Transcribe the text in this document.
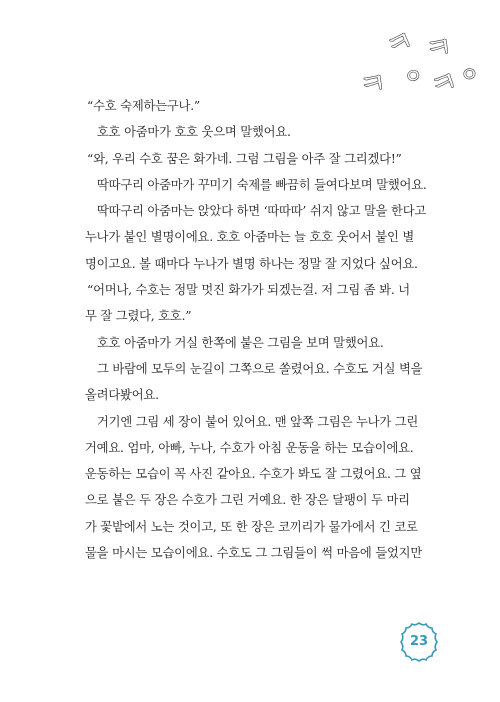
ㅋ
ㅋ
ㅇ
ㅋ
ㅋ
ㅇ
“수호 숙제하는구나.”
호호 아줌마가 호호 웃으며 말했어요.
“와, 우리 수호 꿈은 화가네. 그럼 그림을 아주 잘 그리겠다!”
딱따구리 아줌마가 꾸미기 숙제를 빠끔히 들여다보며 말했어요.
딱따구리 아줌마는 앉았다 하면 ‘따따따’ 쉬지 않고 말을 한다고
누나가 붙인 별명이에요. 호호 아줌마는 늘 호호 웃어서 붙인 별
명이고요. 볼 때마다 누나가 별명 하나는 정말 잘 지었다 싶어요.
“어머나, 수호는 정말 멋진 화가가 되겠는걸. 저 그림 좀 봐. 너
무 잘 그렸다, 호호.”
호호 아줌마가 거실 한쪽에 붙은 그림을 보며 말했어요.
그 바람에 모두의 눈길이 그쪽으로 쏠렸어요. 수호도 거실 벽을
올려다봤어요.
거기엔 그림 세 장이 붙어 있어요. 맨 앞쪽 그림은 누나가 그린
거예요. 엄마, 아빠, 누나, 수호가 아침 운동을 하는 모습이에요.
운동하는 모습이 꼭 사진 같아요. 수호가 봐도 잘 그렸어요. 그 옆
으로 붙은 두 장은 수호가 그린 거예요. 한 장은 달팽이 두 마리
가 꽃밭에서 노는 것이고, 또 한 장은 코끼리가 물가에서 긴 코로
물을 마시는 모습이에요. 수호도 그 그림들이 썩 마음에 들었지만
23
